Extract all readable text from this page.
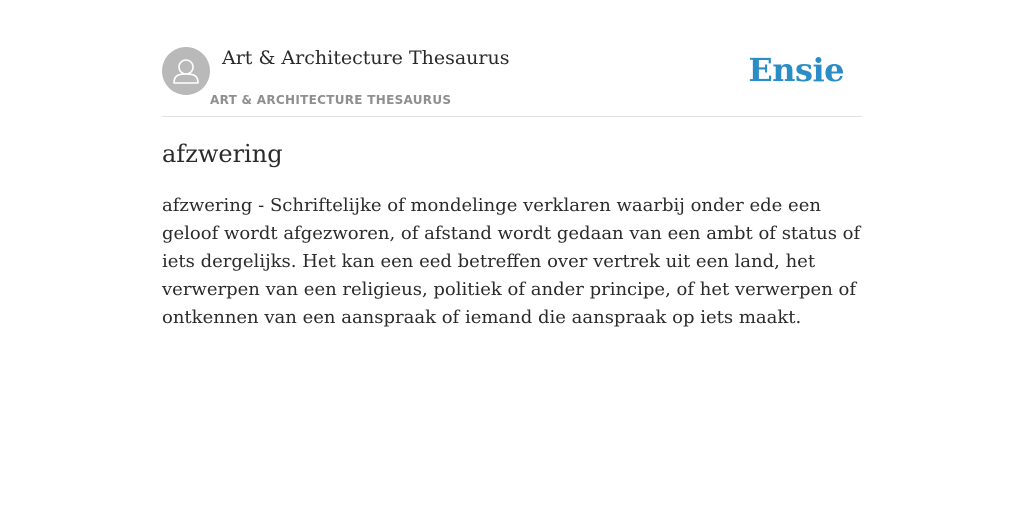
Art & Architecture Thesaurus
ART & ARCHITECTURE THESAURUS
Ensie
afzwering

afzwering - Schriftelijke of mondelinge verklaren waarbij onder ede een geloof wordt afgezworen, of afstand wordt gedaan van een ambt of status of iets dergelijks. Het kan een eed betreffen over vertrek uit een land, het verwerpen van een religieus, politiek of ander principe, of het verwerpen of ontkennen van een aanspraak of iemand die aanspraak op iets maakt.
